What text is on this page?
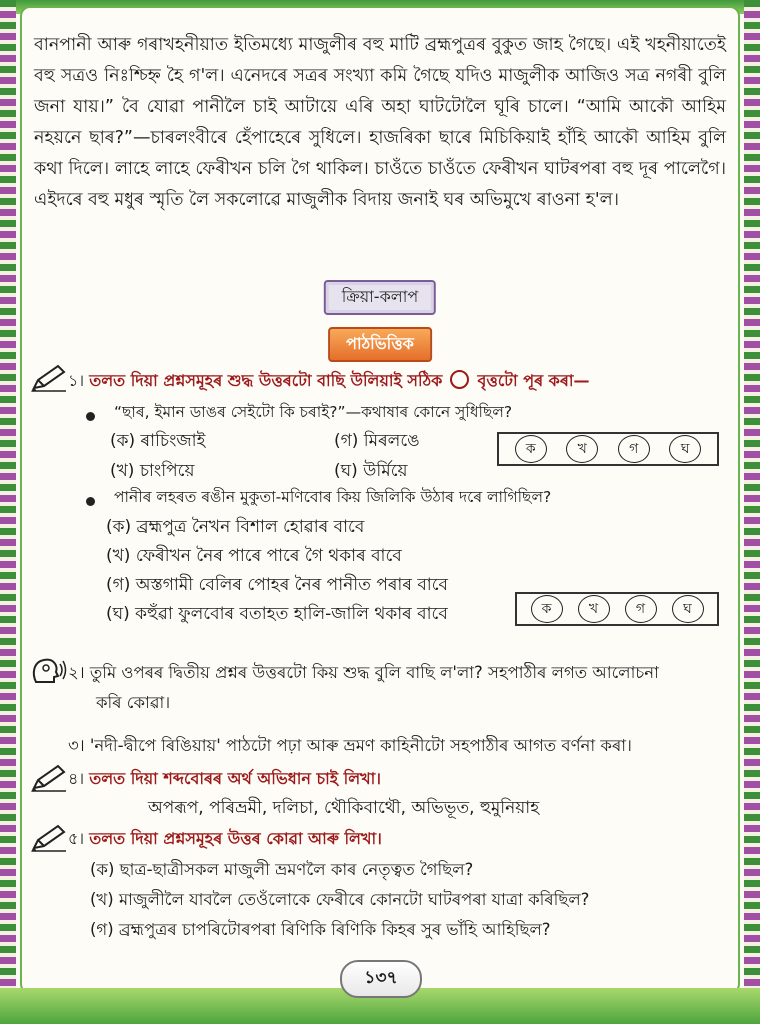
বানপানী আৰু গৰাখহনীয়াত ইতিমধ্যে মাজুলীৰ বহু মাটি ব্ৰহ্মপুত্ৰৰ বুকুত জাহ গৈছে। এই খহনীয়াতেই বহু সত্ৰও নিঃশ্চিহ্ন হৈ গ'ল। এনেদৰে সত্ৰৰ সংখ্যা কমি গৈছে যদিও মাজুলীক আজিও সত্ৰ নগৰী বুলি জনা যায়।” বৈ যোৱা পানীলৈ চাই আটায়ে এৰি অহা ঘাটটোলৈ ঘূৰি চালে। “আমি আকৌ আহিম নহয়নে ছাৰ?”—চাৰলংবীৰে হেঁপাহেৰে সুধিলে। হাজৰিকা ছাৰে মিচিকিয়াই হাঁহি আকৌ আহিম বুলি কথা দিলে। লাহে লাহে ফেৰীখন চলি গৈ থাকিল। চাওঁতে চাওঁতে ফেৰীখন ঘাটৰপৰা বহু দূৰ পালেগৈ। এইদৰে বহু মধুৰ স্মৃতি লৈ সকলোৱে মাজুলীক বিদায় জনাই ঘৰ অভিমুখে ৰাওনা হ'ল।

ক্ৰিয়া-কলাপ
পাঠভিত্তিক
১। তলত দিয়া প্ৰশ্নসমূহৰ শুদ্ধ উত্তৰটো বাছি উলিয়াই সঠিক বৃত্তটো পূৰ কৰা—
“ছাৰ, ইমান ডাঙৰ সেইটো কি চৰাই?”—কথাষাৰ কোনে সুধিছিল?
(ক) ৰাচিংজাই	(গ) মিৰলঙে
(খ) চাংপিয়ে	(ঘ) উৰ্মিয়ে
ক	খ	গ	ঘ
পানীৰ লহৰত ৰঙীন মুকুতা-মণিবোৰ কিয় জিলিকি উঠাৰ দৰে লাগিছিল?
(ক) ব্ৰহ্মপুত্ৰ নৈখন বিশাল হোৱাৰ বাবে
(খ) ফেৰীখন নৈৰ পাৰে পাৰে গৈ থকাৰ বাবে
(গ) অস্তগামী বেলিৰ পোহৰ নৈৰ পানীত পৰাৰ বাবে
(ঘ) কহুঁৱা ফুলবোৰ বতাহত হালি-জালি থকাৰ বাবে	ক	খ	গ	ঘ
২। তুমি ওপৰৰ দ্বিতীয় প্ৰশ্নৰ উত্তৰটো কিয় শুদ্ধ বুলি বাছি ল'লা? সহপাঠীৰ লগত আলোচনা
কৰি কোৱা।
৩। 'নদী-দ্বীপে ৰিঙিয়ায়' পাঠটো পঢ়া আৰু ভ্ৰমণ কাহিনীটো সহপাঠীৰ আগত বৰ্ণনা কৰা।
৪। তলত দিয়া শব্দবোৰৰ অৰ্থ অভিধান চাই লিখা।
অপৰূপ, পৰিভ্ৰমী, দলিচা, থৌকিবাথৌ, অভিভূত, হুমুনিয়াহ
৫। তলত দিয়া প্ৰশ্নসমূহৰ উত্তৰ কোৱা আৰু লিখা।
(ক) ছাত্ৰ-ছাত্ৰীসকল মাজুলী ভ্ৰমণলৈ কাৰ নেতৃত্বত গৈছিল?
(খ) মাজুলীলৈ যাবলৈ তেওঁলোকে ফেৰীৰে কোনটো ঘাটৰপৰা যাত্ৰা কৰিছিল?
(গ) ব্ৰহ্মপুত্ৰৰ চাপৰিটোৰপৰা ৰিণিকি ৰিণিকি কিহৰ সুৰ ভাঁহি আহিছিল?
১৩৭
